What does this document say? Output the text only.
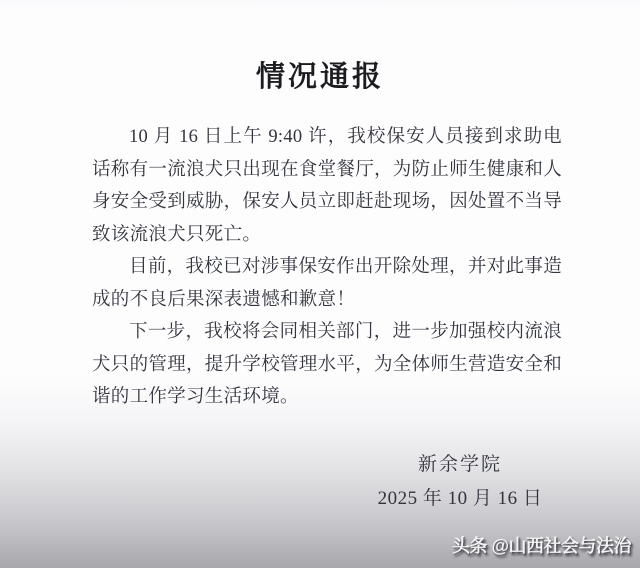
情况通报

10 月 16 日上午 9:40 许，我校保安人员接到求助电话称有一流浪犬只出现在食堂餐厅，为防止师生健康和人身安全受到威胁，保安人员立即赶赴现场，因处置不当导致该流浪犬只死亡。

目前，我校已对涉事保安作出开除处理，并对此事造成的不良后果深表遗憾和歉意！

下一步，我校将会同相关部门，进一步加强校内流浪犬只的管理，提升学校管理水平，为全体师生营造安全和谐的工作学习生活环境。

新余学院
2025 年 10 月 16 日
头条 @山西社会与法治
